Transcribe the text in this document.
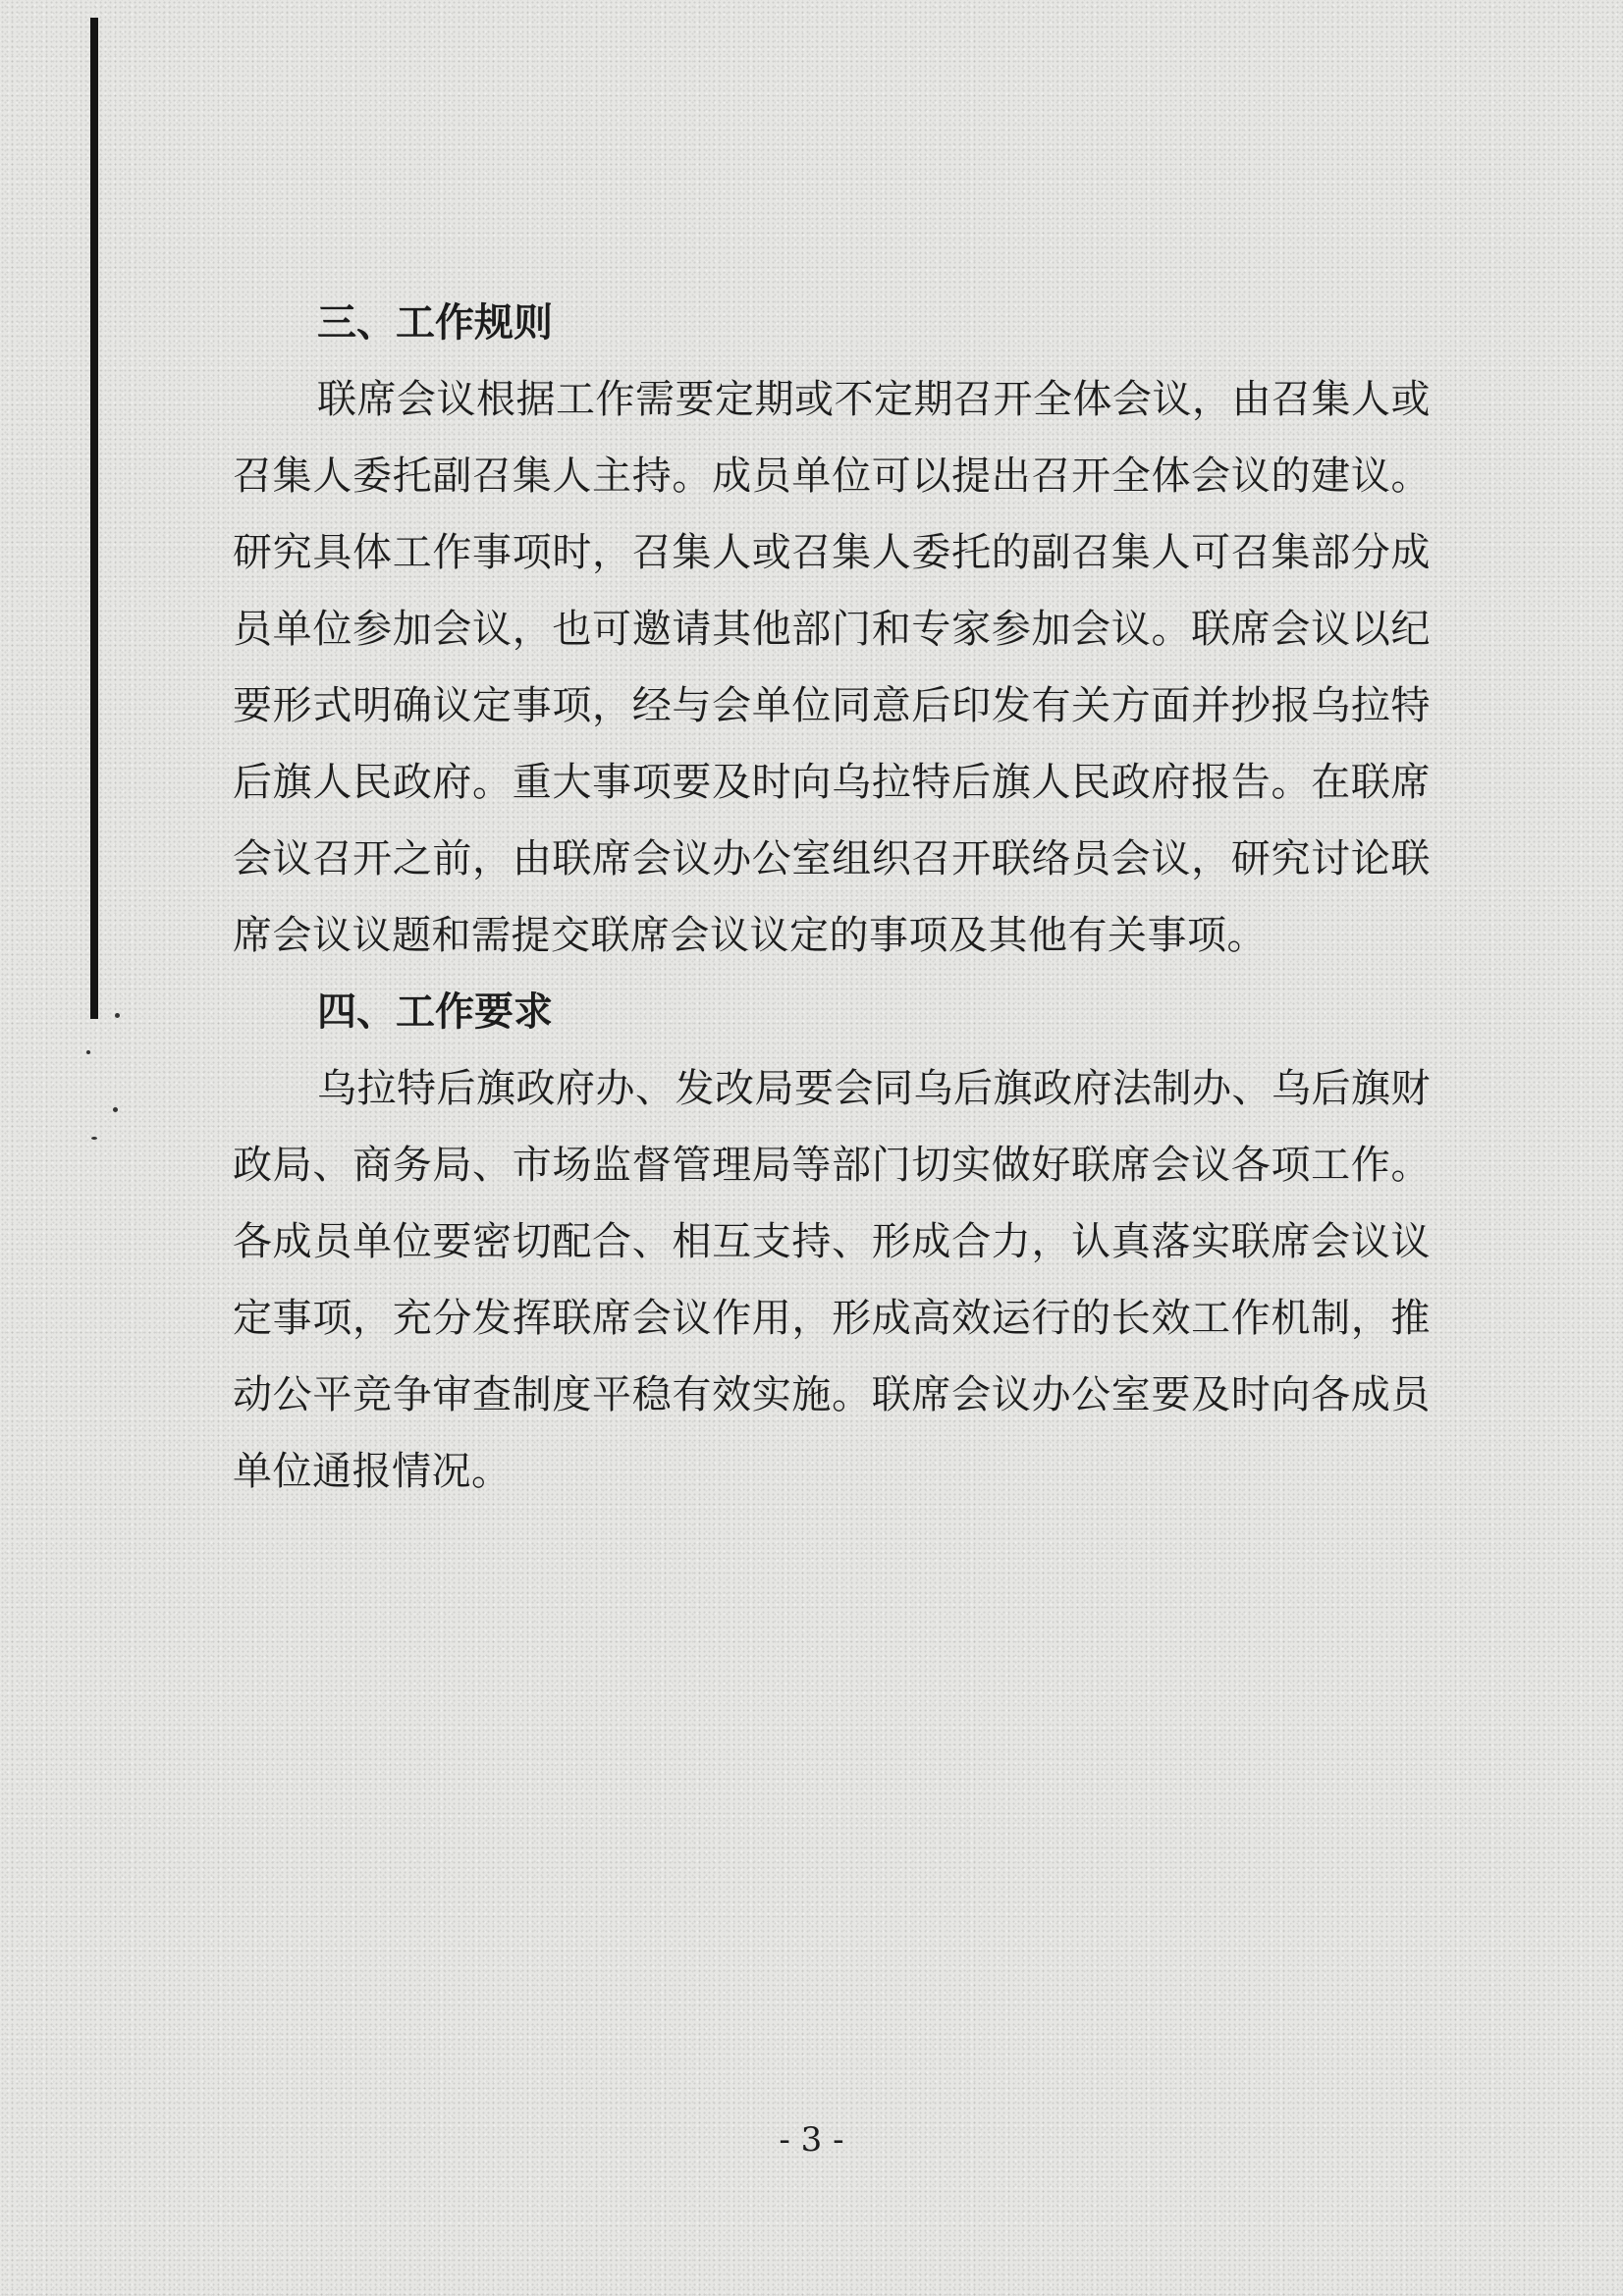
三、工作规则

联席会议根据工作需要定期或不定期召开全体会议，由召集人或召集人委托副召集人主持。成员单位可以提出召开全体会议的建议。研究具体工作事项时，召集人或召集人委托的副召集人可召集部分成员单位参加会议，也可邀请其他部门和专家参加会议。联席会议以纪要形式明确议定事项，经与会单位同意后印发有关方面并抄报乌拉特后旗人民政府。重大事项要及时向乌拉特后旗人民政府报告。在联席会议召开之前，由联席会议办公室组织召开联络员会议，研究讨论联席会议议题和需提交联席会议议定的事项及其他有关事项。

四、工作要求

乌拉特后旗政府办、发改局要会同乌后旗政府法制办、乌后旗财政局、商务局、市场监督管理局等部门切实做好联席会议各项工作。各成员单位要密切配合、相互支持、形成合力，认真落实联席会议议定事项，充分发挥联席会议作用，形成高效运行的长效工作机制，推动公平竞争审查制度平稳有效实施。联席会议办公室要及时向各成员单位通报情况。

- 3 -
